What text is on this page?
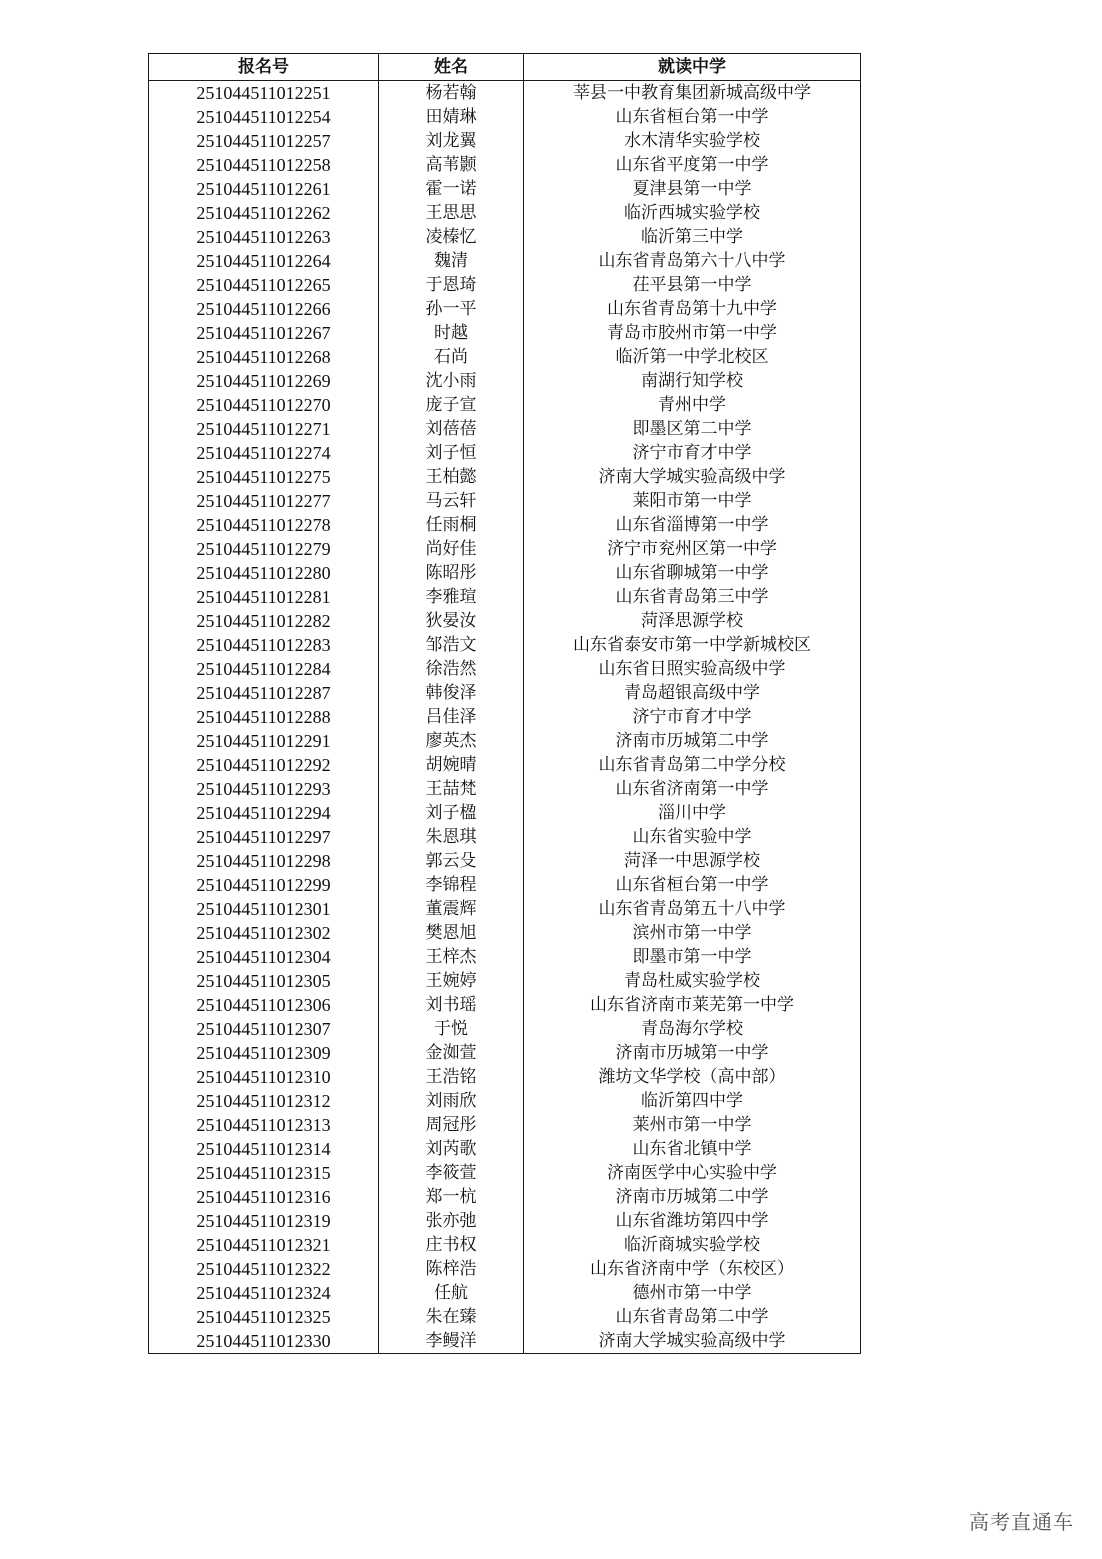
报名号	姓名	就读中学
251044511012251	杨若翰	莘县一中教育集团新城高级中学
251044511012254	田婧琳	山东省桓台第一中学
251044511012257	刘龙翼	水木清华实验学校
251044511012258	高苇颢	山东省平度第一中学
251044511012261	霍一诺	夏津县第一中学
251044511012262	王思思	临沂西城实验学校
251044511012263	凌榛忆	临沂第三中学
251044511012264	魏清	山东省青岛第六十八中学
251044511012265	于恩琦	茌平县第一中学
251044511012266	孙一平	山东省青岛第十九中学
251044511012267	时越	青岛市胶州市第一中学
251044511012268	石尚	临沂第一中学北校区
251044511012269	沈小雨	南湖行知学校
251044511012270	庞子宣	青州中学
251044511012271	刘蓓蓓	即墨区第二中学
251044511012274	刘子恒	济宁市育才中学
251044511012275	王柏懿	济南大学城实验高级中学
251044511012277	马云轩	莱阳市第一中学
251044511012278	任雨桐	山东省淄博第一中学
251044511012279	尚好佳	济宁市兖州区第一中学
251044511012280	陈昭彤	山东省聊城第一中学
251044511012281	李雅瑄	山东省青岛第三中学
251044511012282	狄晏汝	菏泽思源学校
251044511012283	邹浩文	山东省泰安市第一中学新城校区
251044511012284	徐浩然	山东省日照实验高级中学
251044511012287	韩俊泽	青岛超银高级中学
251044511012288	吕佳泽	济宁市育才中学
251044511012291	廖英杰	济南市历城第二中学
251044511012292	胡婉晴	山东省青岛第二中学分校
251044511012293	王喆梵	山东省济南第一中学
251044511012294	刘子楹	淄川中学
251044511012297	朱恩琪	山东省实验中学
251044511012298	郭云殳	菏泽一中思源学校
251044511012299	李锦程	山东省桓台第一中学
251044511012301	董震辉	山东省青岛第五十八中学
251044511012302	樊恩旭	滨州市第一中学
251044511012304	王梓杰	即墨市第一中学
251044511012305	王婉婷	青岛杜威实验学校
251044511012306	刘书瑶	山东省济南市莱芜第一中学
251044511012307	于悦	青岛海尔学校
251044511012309	金洳萱	济南市历城第一中学
251044511012310	王浩铭	潍坊文华学校（高中部）
251044511012312	刘雨欣	临沂第四中学
251044511012313	周冠彤	莱州市第一中学
251044511012314	刘芮歌	山东省北镇中学
251044511012315	李筱萱	济南医学中心实验中学
251044511012316	郑一杭	济南市历城第二中学
251044511012319	张亦弛	山东省潍坊第四中学
251044511012321	庄书权	临沂商城实验学校
251044511012322	陈梓浩	山东省济南中学（东校区）
251044511012324	任航	德州市第一中学
251044511012325	朱在臻	山东省青岛第二中学
251044511012330	李鳗洋	济南大学城实验高级中学
高考直通车
